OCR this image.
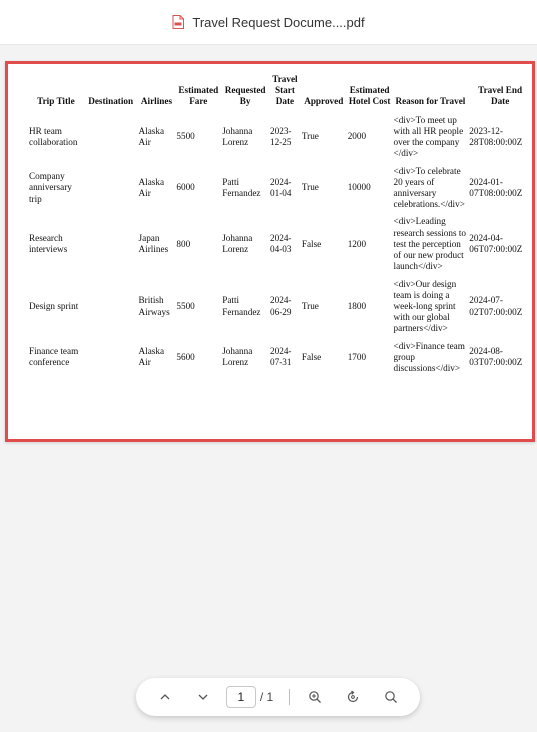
Travel Request Docume....pdf
Trip Title	Destination	Airlines	Estimated Fare	Requested By	Travel Start Date	Approved	Estimated Hotel Cost	Reason for Travel	Travel End Date
HR team collaboration		Alaska Air	5500	Johanna Lorenz	2023-12-25	True	2000	<div>To meet up with all HR people over the company </div>	2023-12-28T08:00:00Z
Company anniversary trip		Alaska Air	6000	Patti Fernandez	2024-01-04	True	10000	<div>To celebrate 20 years of anniversary celebrations.</div>	2024-01-07T08:00:00Z
Research interviews		Japan Airlines	800	Johanna Lorenz	2024-04-03	False	1200	<div>Leading research sessions to test the perception of our new product launch</div>	2024-04-06T07:00:00Z
Design sprint		British Airways	5500	Patti Fernandez	2024-06-29	True	1800	<div>Our design team is doing a week-long sprint with our global partners</div>	2024-07-02T07:00:00Z
Finance team conference		Alaska Air	5600	Johanna Lorenz	2024-07-31	False	1700	<div>Finance team group discussions</div>	2024-08-03T07:00:00Z
1	/ 1
